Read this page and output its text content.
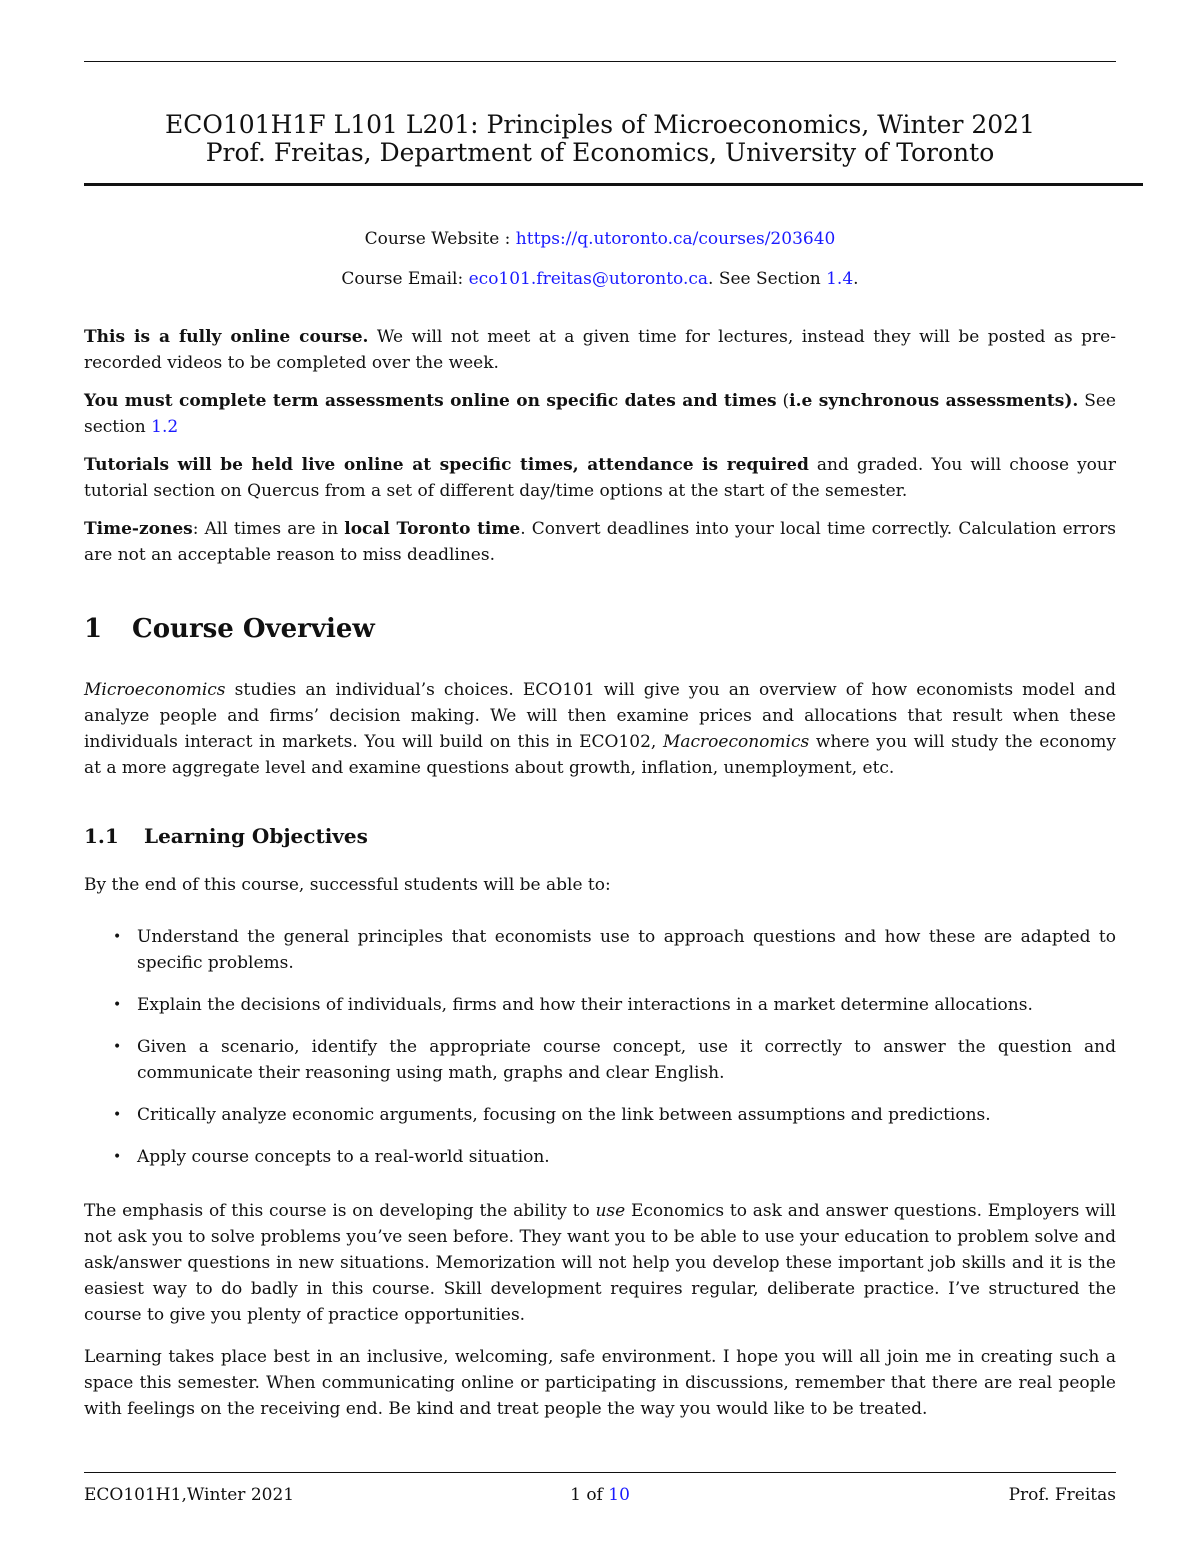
ECO101H1F L101 L201: Principles of Microeconomics, Winter 2021
Prof. Freitas, Department of Economics, University of Toronto
Course Website : https://q.utoronto.ca/courses/203640
Course Email: eco101.freitas@utoronto.ca. See Section 1.4.

This is a fully online course. We will not meet at a given time for lectures, instead they will be posted as pre-recorded videos to be completed over the week.

You must complete term assessments online on specific dates and times (i.e synchronous assessments). See section 1.2

Tutorials will be held live online at specific times, attendance is required and graded. You will choose your tutorial section on Quercus from a set of different day/time options at the start of the semester.

Time-zones: All times are in local Toronto time. Convert deadlines into your local time correctly. Calculation errors are not an acceptable reason to miss deadlines.

1 Course Overview

Microeconomics studies an individual’s choices. ECO101 will give you an overview of how economists model and analyze people and firms’ decision making. We will then examine prices and allocations that result when these individuals interact in markets. You will build on this in ECO102, Macroeconomics where you will study the economy at a more aggregate level and examine questions about growth, inflation, unemployment, etc.

1.1 Learning Objectives

By the end of this course, successful students will be able to:

• Understand the general principles that economists use to approach questions and how these are adapted to specific problems.
• Explain the decisions of individuals, firms and how their interactions in a market determine allocations.
• Given a scenario, identify the appropriate course concept, use it correctly to answer the question and communicate their reasoning using math, graphs and clear English.
• Critically analyze economic arguments, focusing on the link between assumptions and predictions.
• Apply course concepts to a real-world situation.

The emphasis of this course is on developing the ability to use Economics to ask and answer questions. Employers will not ask you to solve problems you’ve seen before. They want you to be able to use your education to problem solve and ask/answer questions in new situations. Memorization will not help you develop these important job skills and it is the easiest way to do badly in this course. Skill development requires regular, deliberate practice. I’ve structured the course to give you plenty of practice opportunities.

Learning takes place best in an inclusive, welcoming, safe environment. I hope you will all join me in creating such a space this semester. When communicating online or participating in discussions, remember that there are real people with feelings on the receiving end. Be kind and treat people the way you would like to be treated.

ECO101H1,Winter 2021	1 of 10	Prof. Freitas
